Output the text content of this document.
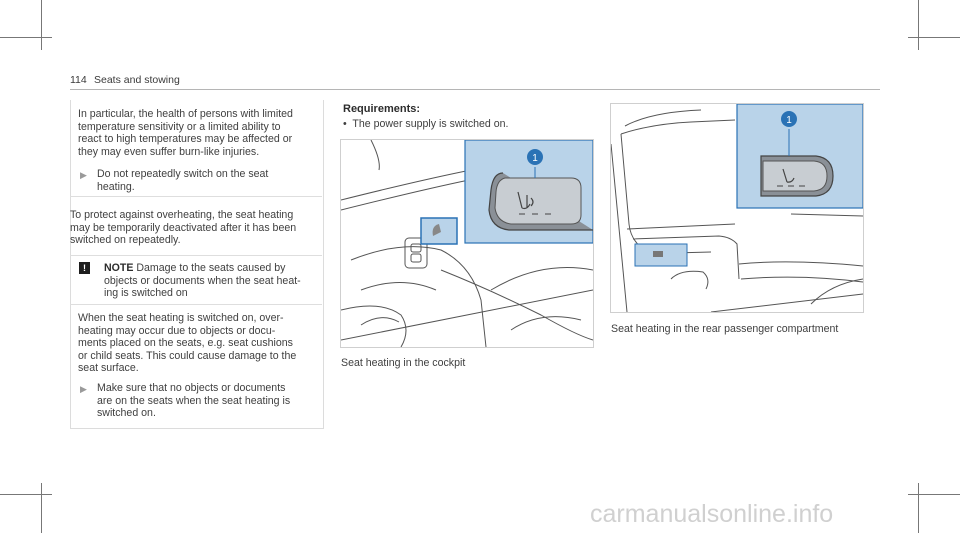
114 Seats and stowing
In particular, the health of persons with limited
temperature sensitivity or a limited ability to
react to high temperatures may be affected or
they may even suffer burn-like injuries.
▶ Do not repeatedly switch on the seat
heating.
To protect against overheating, the seat heating
may be temporarily deactivated after it has been
switched on repeatedly.
!	NOTE Damage to the seats caused by
objects or documents when the seat heat-
ing is switched on
When the seat heating is switched on, over-
heating may occur due to objects or docu-
ments placed on the seats, e.g. seat cushions
or child seats. This could cause damage to the
seat surface.
▶ Make sure that no objects or documents
are on the seats when the seat heating is
switched on.
Requirements:
• The power supply is switched on.
1
Seat heating in the cockpit
1
Seat heating in the rear passenger compartment
carmanualsonline.info
